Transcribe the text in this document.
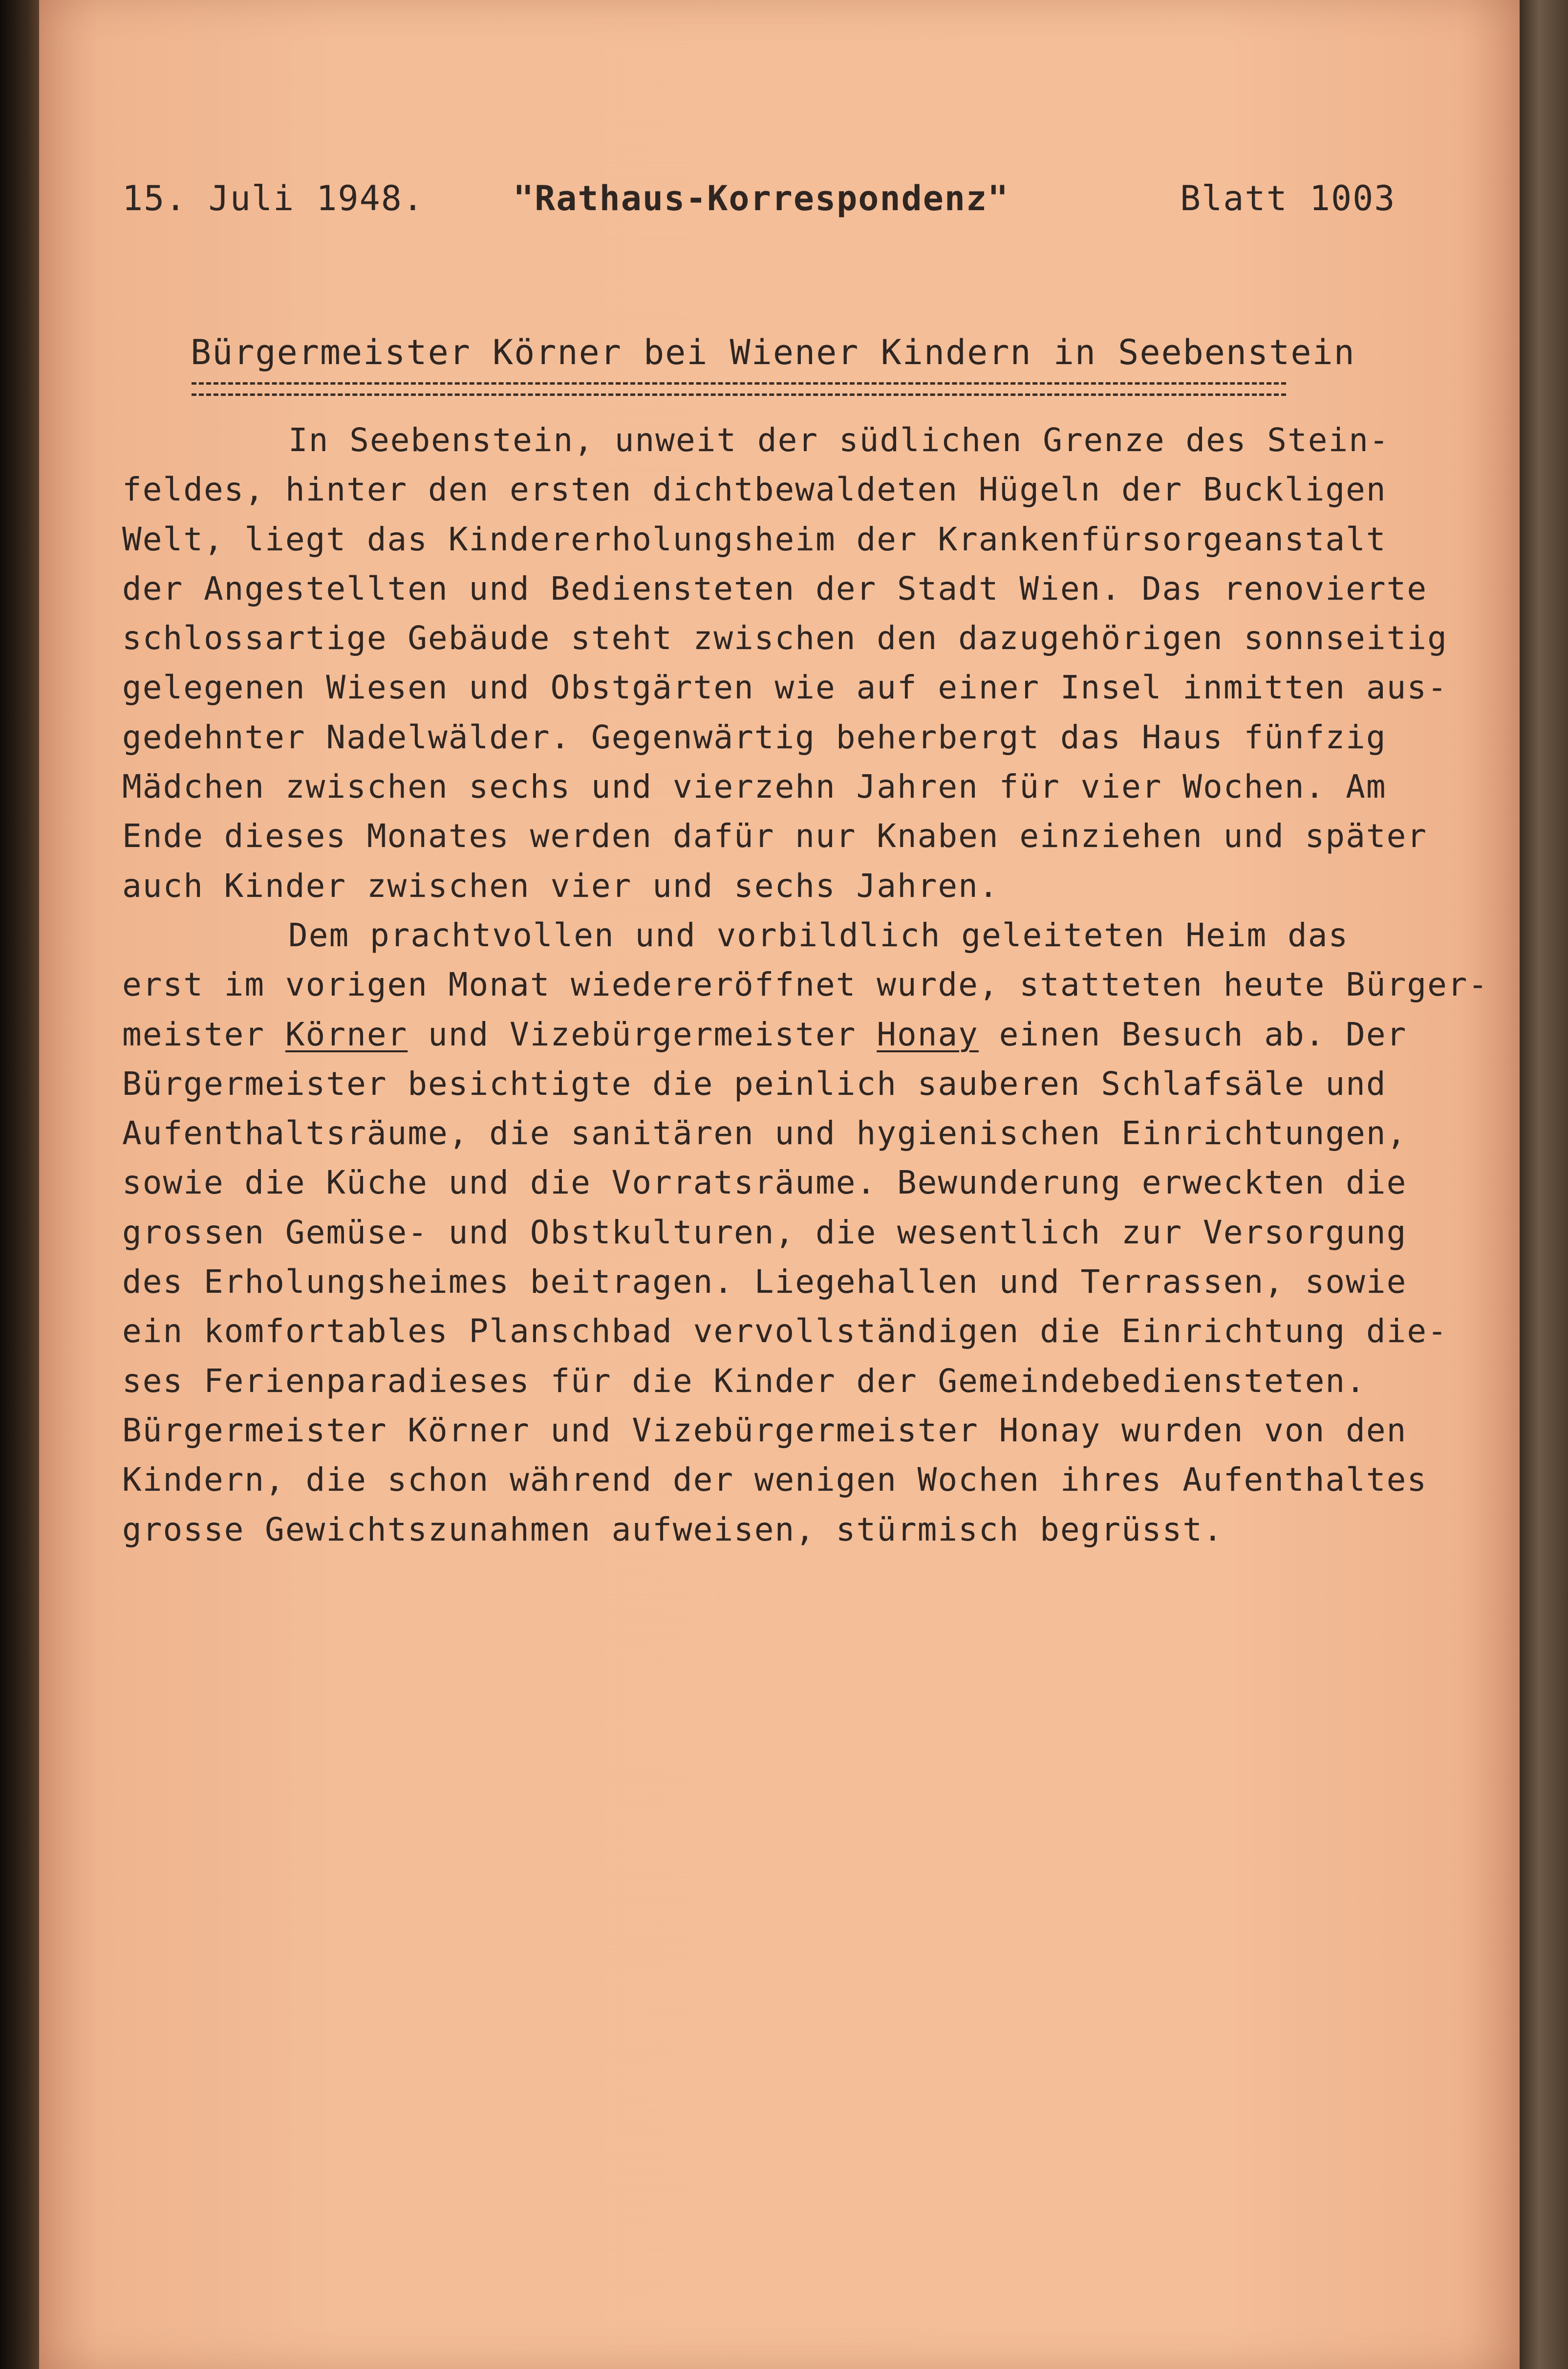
15. Juli 1948.	"Rathaus-Korrespondenz"	Blatt 1003
Bürgermeister Körner bei Wiener Kindern in Seebenstein
In Seebenstein, unweit der südlichen Grenze des Stein-
feldes, hinter den ersten dichtbewaldeten Hügeln der Buckligen
Welt, liegt das Kindererholungsheim der Krankenfürsorgeanstalt
der Angestellten und Bediensteten der Stadt Wien. Das renovierte
schlossartige Gebäude steht zwischen den dazugehörigen sonnseitig
gelegenen Wiesen und Obstgärten wie auf einer Insel inmitten aus-
gedehnter Nadelwälder. Gegenwärtig beherbergt das Haus fünfzig
Mädchen zwischen sechs und vierzehn Jahren für vier Wochen. Am
Ende dieses Monates werden dafür nur Knaben einziehen und später
auch Kinder zwischen vier und sechs Jahren.
Dem prachtvollen und vorbildlich geleiteten Heim das
erst im vorigen Monat wiedereröffnet wurde, statteten heute Bürger-
meister Körner und Vizebürgermeister Honay einen Besuch ab. Der
Bürgermeister besichtigte die peinlich sauberen Schlafsäle und
Aufenthaltsräume, die sanitären und hygienischen Einrichtungen,
sowie die Küche und die Vorratsräume. Bewunderung erweckten die
grossen Gemüse- und Obstkulturen, die wesentlich zur Versorgung
des Erholungsheimes beitragen. Liegehallen und Terrassen, sowie
ein komfortables Planschbad vervollständigen die Einrichtung die-
ses Ferienparadieses für die Kinder der Gemeindebediensteten.
Bürgermeister Körner und Vizebürgermeister Honay wurden von den
Kindern, die schon während der wenigen Wochen ihres Aufenthaltes
grosse Gewichtszunahmen aufweisen, stürmisch begrüsst.
